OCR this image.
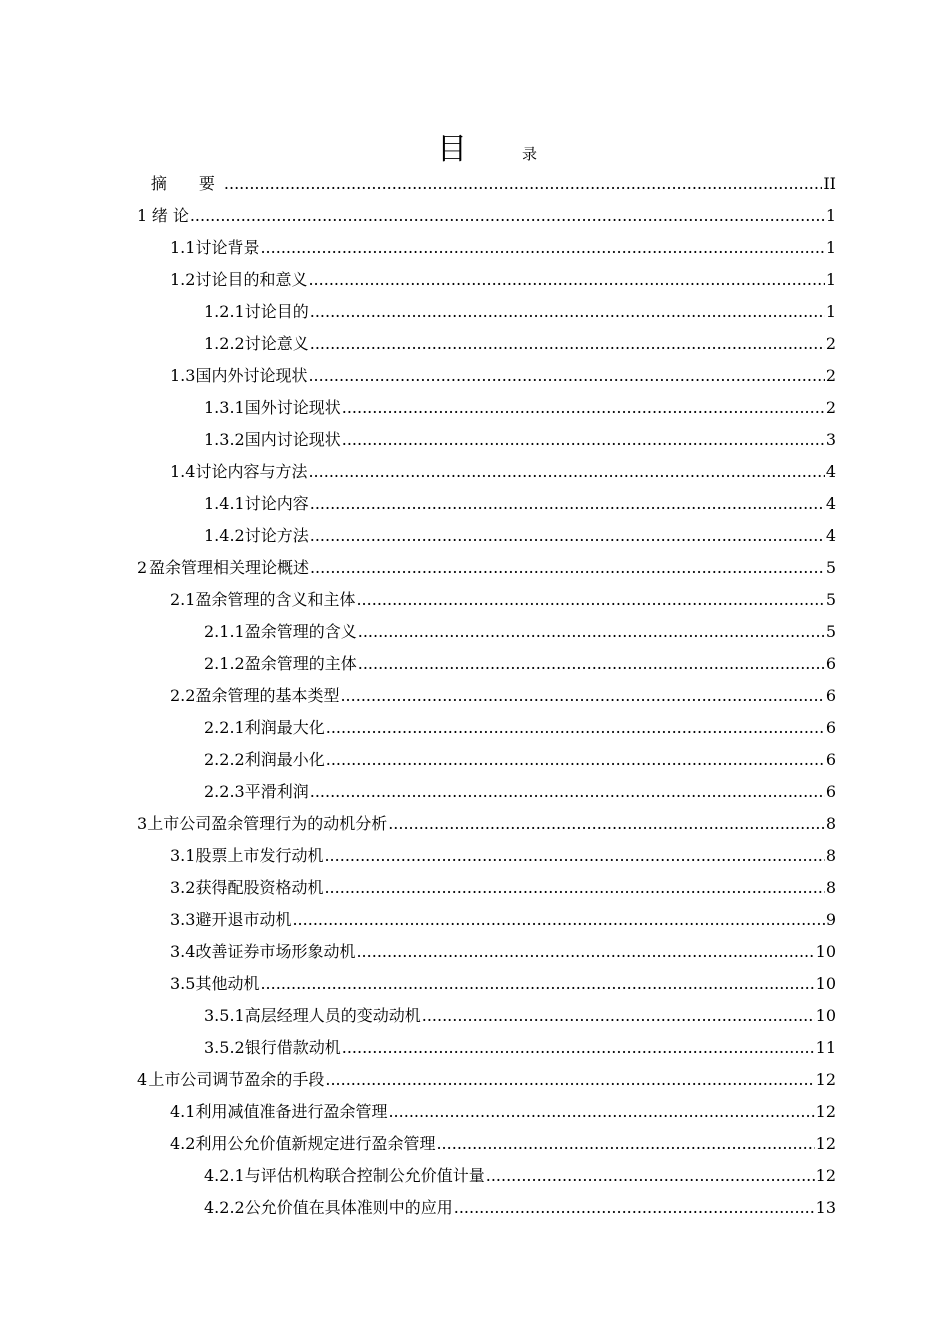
目	录
摘　要 .....	II
1 绪 论 .....	1
1.1 讨论背景 .....	1
1.2 讨论目的和意义 .....	1
1.2.1 讨论目的 .....	1
1.2.2 讨论意义 .....	2
1.3 国内外讨论现状 .....	2
1.3.1 国外讨论现状 .....	2
1.3.2 国内讨论现状 .....	3
1.4 讨论内容与方法 .....	4
1.4.1 讨论内容 .....	4
1.4.2 讨论方法 .....	4
2 盈余管理相关理论概述 .....	5
2.1 盈余管理的含义和主体 .....	5
2.1.1 盈余管理的含义 .....	5
2.1.2 盈余管理的主体 .....	6
2.2 盈余管理的基本类型 .....	6
2.2.1 利润最大化 .....	6
2.2.2 利润最小化 .....	6
2.2.3 平滑利润 .....	6
3 上市公司盈余管理行为的动机分析 .....	8
3.1 股票上市发行动机 .....	8
3.2 获得配股资格动机 .....	8
3.3 避开退市动机 .....	9
3.4 改善证券市场形象动机 .....	10
3.5 其他动机 .....	10
3.5.1 高层经理人员的变动动机 .....	10
3.5.2 银行借款动机 .....	11
4 上市公司调节盈余的手段 .....	12
4.1 利用减值准备进行盈余管理 .....	12
4.2 利用公允价值新规定进行盈余管理 .....	12
4.2.1 与评估机构联合控制公允价值计量 .....	12
4.2.2 公允价值在具体准则中的应用 .....	13
